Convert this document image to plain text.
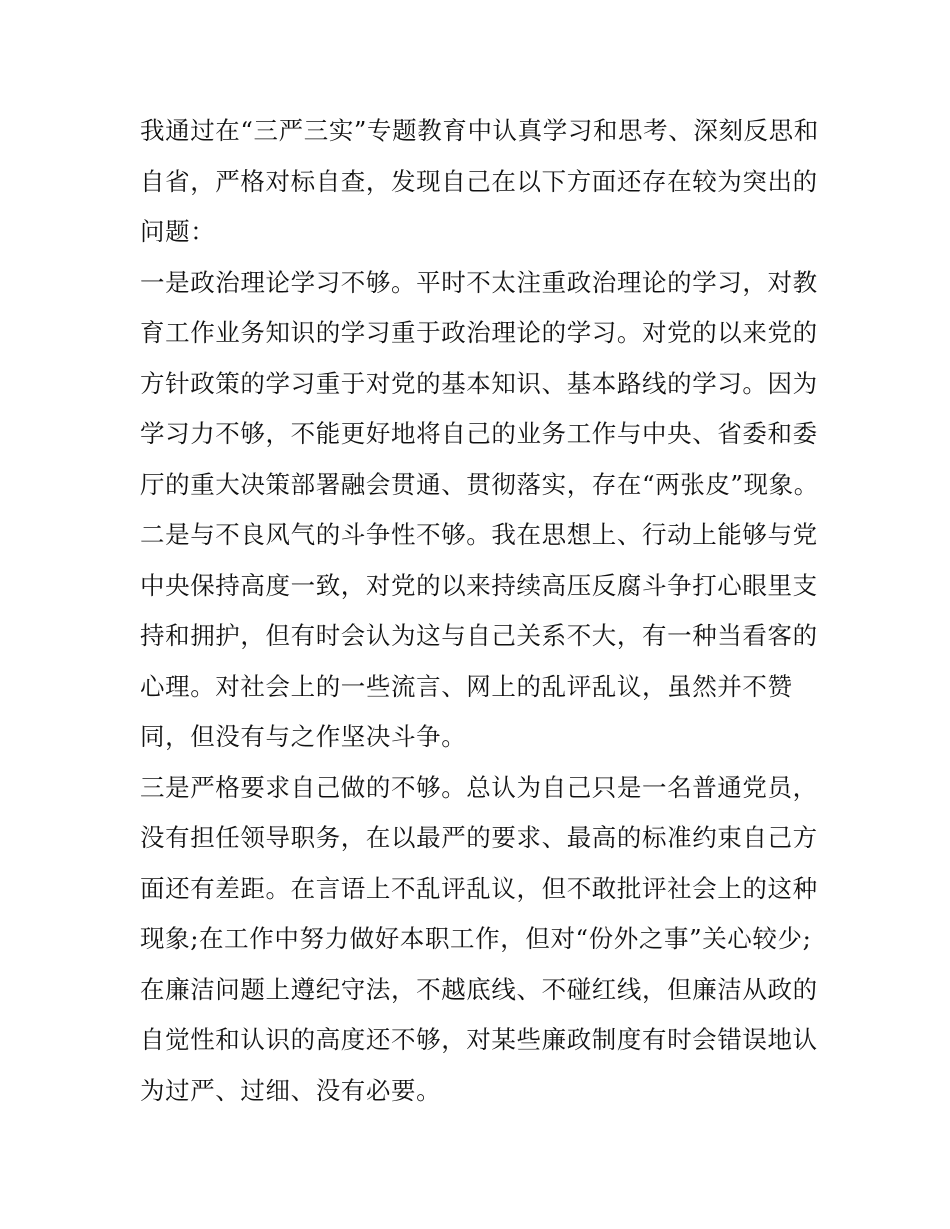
我通过在“三严三实”专题教育中认真学习和思考、深刻反思和
自省，严格对标自查，发现自己在以下方面还存在较为突出的
问题：
一是政治理论学习不够。平时不太注重政治理论的学习，对教
育工作业务知识的学习重于政治理论的学习。对党的以来党的
方针政策的学习重于对党的基本知识、基本路线的学习。因为
学习力不够，不能更好地将自己的业务工作与中央、省委和委
厅的重大决策部署融会贯通、贯彻落实，存在“两张皮”现象。
二是与不良风气的斗争性不够。我在思想上、行动上能够与党
中央保持高度一致，对党的以来持续高压反腐斗争打心眼里支
持和拥护，但有时会认为这与自己关系不大，有一种当看客的
心理。对社会上的一些流言、网上的乱评乱议，虽然并不赞
同，但没有与之作坚决斗争。
三是严格要求自己做的不够。总认为自己只是一名普通党员，
没有担任领导职务，在以最严的要求、最高的标准约束自己方
面还有差距。在言语上不乱评乱议，但不敢批评社会上的这种
现象;在工作中努力做好本职工作，但对“份外之事”关心较少;
在廉洁问题上遵纪守法，不越底线、不碰红线，但廉洁从政的
自觉性和认识的高度还不够，对某些廉政制度有时会错误地认
为过严、过细、没有必要。
